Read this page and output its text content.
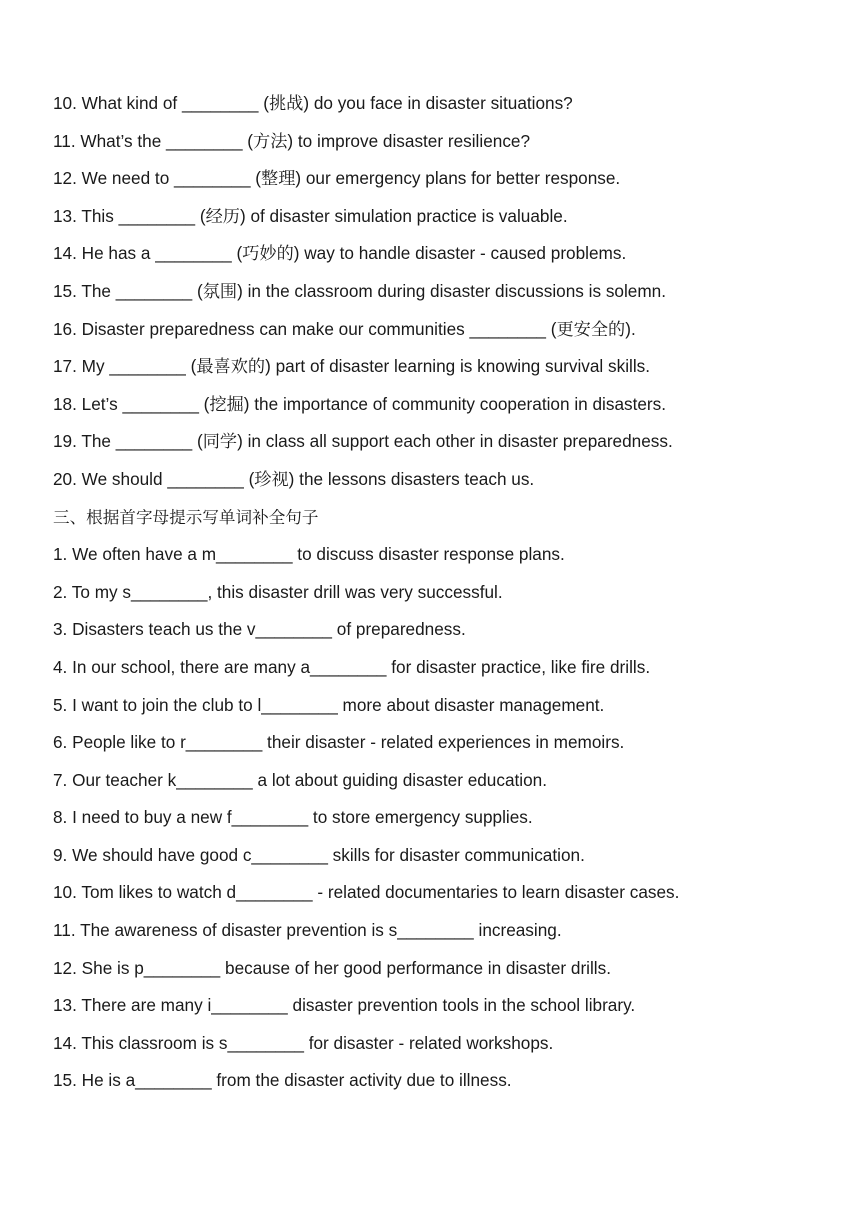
10. What kind of ________ (挑战) do you face in disaster situations?
11. What’s the ________ (方法) to improve disaster resilience?
12. We need to ________ (整理) our emergency plans for better response.
13. This ________ (经历) of disaster simulation practice is valuable.
14. He has a ________ (巧妙的) way to handle disaster - caused problems.
15. The ________ (氛围) in the classroom during disaster discussions is solemn.
16. Disaster preparedness can make our communities ________ (更安全的).
17. My ________ (最喜欢的) part of disaster learning is knowing survival skills.
18. Let’s ________ (挖掘) the importance of community cooperation in disasters.
19. The ________ (同学) in class all support each other in disaster preparedness.
20. We should ________ (珍视) the lessons disasters teach us.
三、根据首字母提示写单词补全句子
1. We often have a m________ to discuss disaster response plans.
2. To my s________, this disaster drill was very successful.
3. Disasters teach us the v________ of preparedness.
4. In our school, there are many a________ for disaster practice, like fire drills.
5. I want to join the club to l________ more about disaster management.
6. People like to r________ their disaster - related experiences in memoirs.
7. Our teacher k________ a lot about guiding disaster education.
8. I need to buy a new f________ to store emergency supplies.
9. We should have good c________ skills for disaster communication.
10. Tom likes to watch d________ - related documentaries to learn disaster cases.
11. The awareness of disaster prevention is s________ increasing.
12. She is p________ because of her good performance in disaster drills.
13. There are many i________ disaster prevention tools in the school library.
14. This classroom is s________ for disaster - related workshops.
15. He is a________ from the disaster activity due to illness.
